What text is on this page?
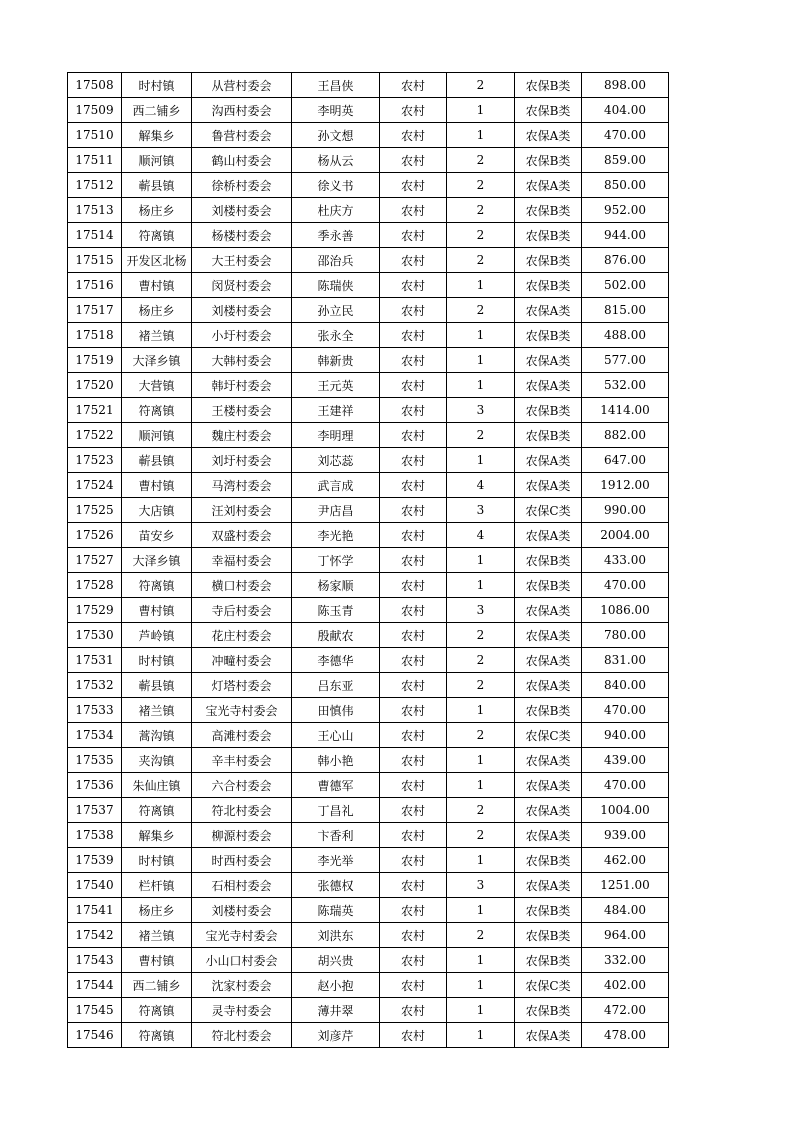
17508	时村镇	从营村委会	王昌侠	农村	2	农保B类	898.00
17509	西二铺乡	沟西村委会	李明英	农村	1	农保B类	404.00
17510	解集乡	鲁营村委会	孙文想	农村	1	农保A类	470.00
17511	顺河镇	鹤山村委会	杨从云	农村	2	农保B类	859.00
17512	蕲县镇	徐桥村委会	徐义书	农村	2	农保A类	850.00
17513	杨庄乡	刘楼村委会	杜庆方	农村	2	农保B类	952.00
17514	符离镇	杨楼村委会	季永善	农村	2	农保B类	944.00
17515	开发区北杨	大王村委会	邵治兵	农村	2	农保B类	876.00
17516	曹村镇	闵贤村委会	陈瑞侠	农村	1	农保B类	502.00
17517	杨庄乡	刘楼村委会	孙立民	农村	2	农保A类	815.00
17518	褚兰镇	小圩村委会	张永全	农村	1	农保B类	488.00
17519	大泽乡镇	大韩村委会	韩新贵	农村	1	农保A类	577.00
17520	大营镇	韩圩村委会	王元英	农村	1	农保A类	532.00
17521	符离镇	王楼村委会	王建祥	农村	3	农保B类	1414.00
17522	顺河镇	魏庄村委会	李明理	农村	2	农保B类	882.00
17523	蕲县镇	刘圩村委会	刘芯蕊	农村	1	农保A类	647.00
17524	曹村镇	马湾村委会	武言成	农村	4	农保A类	1912.00
17525	大店镇	汪刘村委会	尹店昌	农村	3	农保C类	990.00
17526	苗安乡	双盛村委会	李光艳	农村	4	农保A类	2004.00
17527	大泽乡镇	幸福村委会	丁怀学	农村	1	农保B类	433.00
17528	符离镇	横口村委会	杨家顺	农村	1	农保B类	470.00
17529	曹村镇	寺后村委会	陈玉青	农村	3	农保A类	1086.00
17530	芦岭镇	花庄村委会	殷献农	农村	2	农保A类	780.00
17531	时村镇	冲疃村委会	李德华	农村	2	农保A类	831.00
17532	蕲县镇	灯塔村委会	吕东亚	农村	2	农保A类	840.00
17533	褚兰镇	宝光寺村委会	田慎伟	农村	1	农保B类	470.00
17534	蒿沟镇	高滩村委会	王心山	农村	2	农保C类	940.00
17535	夹沟镇	辛丰村委会	韩小艳	农村	1	农保A类	439.00
17536	朱仙庄镇	六合村委会	曹德军	农村	1	农保A类	470.00
17537	符离镇	符北村委会	丁昌礼	农村	2	农保A类	1004.00
17538	解集乡	柳源村委会	卞香利	农村	2	农保A类	939.00
17539	时村镇	时西村委会	李光举	农村	1	农保B类	462.00
17540	栏杆镇	石相村委会	张德权	农村	3	农保A类	1251.00
17541	杨庄乡	刘楼村委会	陈瑞英	农村	1	农保B类	484.00
17542	褚兰镇	宝光寺村委会	刘洪东	农村	2	农保B类	964.00
17543	曹村镇	小山口村委会	胡兴贵	农村	1	农保B类	332.00
17544	西二铺乡	沈家村委会	赵小抱	农村	1	农保C类	402.00
17545	符离镇	灵寺村委会	薄井翠	农村	1	农保B类	472.00
17546	符离镇	符北村委会	刘彦芹	农村	1	农保A类	478.00
